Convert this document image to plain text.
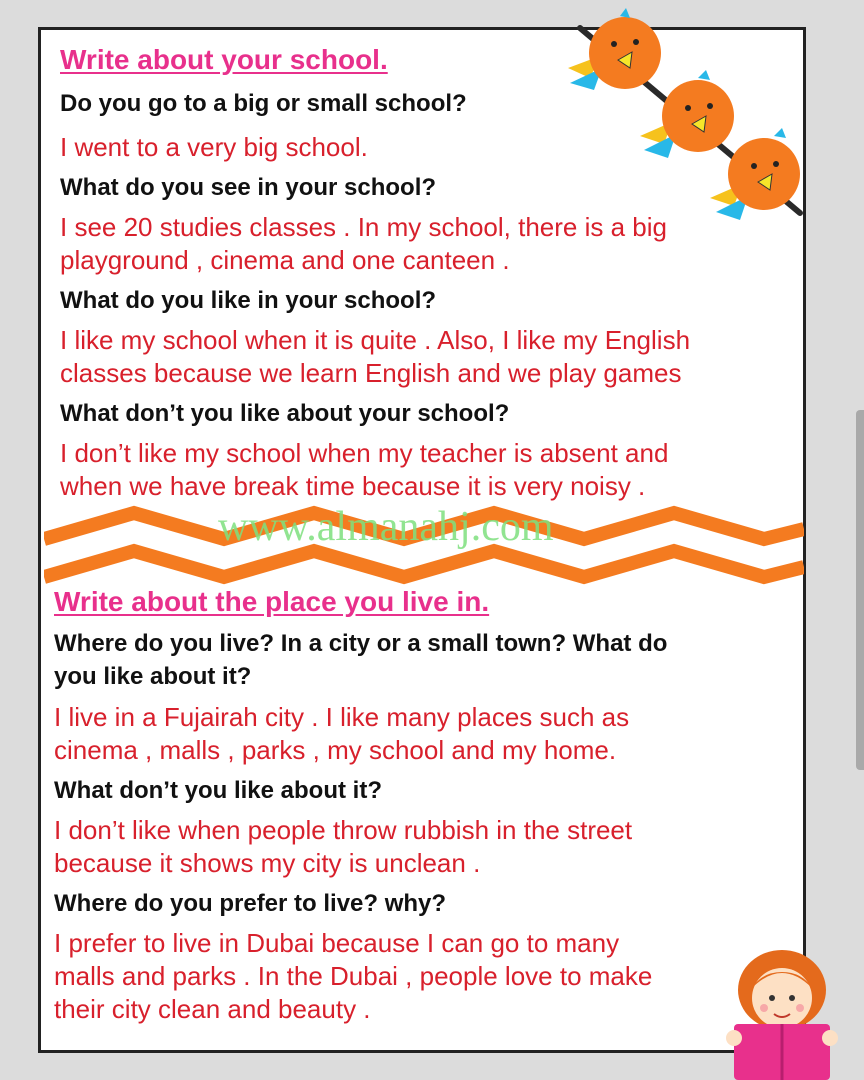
Write about your school.
Do you go to a big or small school?
I went to a very big school.
What do you see in your school?
I see 20 studies classes . In my school, there is a big
playground , cinema and one canteen .
What do you like in your school?
I like my school when it is quite . Also, I like my English
classes because we learn English and we play games
What don’t you like about your school?
I don’t like my school when my teacher is absent and
when we have break time because it is very noisy .
www.almanahj.com
Write about the place you live in.
Where do you live? In a city or a small town? What do
you like about it?
I live in a Fujairah city . I like many places such as
cinema , malls , parks , my school and my home.
What don’t you like about it?
I don’t like when people throw rubbish in the street
because it shows my city is unclean .
Where do you prefer to live? why?
I prefer to live in Dubai because I can go to many
malls and parks . In the Dubai , people love to make
their city clean and beauty .
